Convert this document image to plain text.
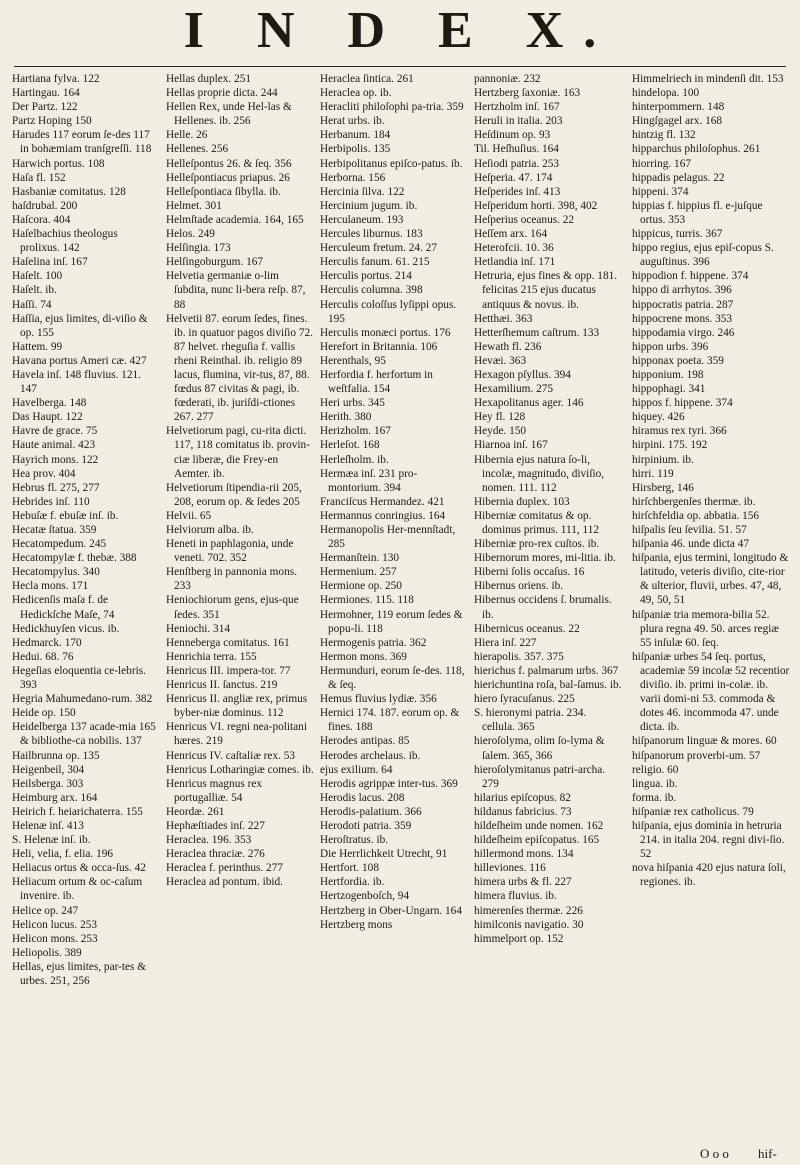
I N D E X.
Hartiana fylva. 122
Hartingau. 164
Der Partz. 122
Partz Hoping 150
Harudes 117 eorum ſe-des 117 in bohæmiam tranſgreſſi. 118
Harwich portus. 108
Haſa fl. 152
Hasbaniæ comitatus. 128
haſdrubal. 200
Haſcora. 404
Haſelbachius theologus prolixus. 142
Haſelina inſ. 167
Haſelt. 100
Haſelt. ib.
Haſſi. 74
Haſſia, ejus limites, di-viſio & op. 155
Hattem. 99
Havana portus Ameri cæ. 427
Havela inſ. 148 fluvius. 121. 147
Havelberga. 148
Das Haupt. 122
Havre de grace. 75
Haute animal. 423
Hayrich mons. 122
Hea prov. 404
Hebrus fl. 275, 277
Hebrides inſ. 110
Hebuſæ f. ebuſæ inſ. ib.
Hecatæ ſtatua. 359
Hecatompedum. 245
Hecatompylæ f. thebæ. 388
Hecatompylus. 340
Hecla mons. 171
Hedicenſis maſa f. de Hedickſche Maſe, 74
Hedickhuyſen vicus. ib.
Hedmarck. 170
Hedui. 68. 76
Hegeſias eloquentia ce-lebris. 393
Hegria Mahumedano-rum. 382
Heide op. 150
Heidelberga 137 acade-mia 165 & bibliothe-ca nobilis. 137
Hailbrunna op. 135
Heigenbeil, 304
Heilsberga. 303
Heimburg arx. 164
Heirich f. heiarichaterra. 155
Helenæ inſ. 413
S. Helenæ inſ. ib.
Heli, velia, f. elia. 196
Heliacus ortus & occa-ſus. 42
Heliacum ortum & oc-caſum invenire. ib.
Helice op. 247
Helicon lucus. 253
Helicon mons. 253
Heliopolis. 389
Hellas, ejus limites, par-tes & urbes. 251, 256
Hellas duplex. 251
Hellas proprie dicta. 244
Hellen Rex, unde Hel-las & Hellenes. ib. 256
Helle. 26
Hellenes. 256
Helleſpontus 26. & ſeq. 356
Helleſpontiacus priapus. 26
Helleſpontiaca ſibylla. ib.
Helmet. 301
Helmſtade academia. 164, 165
Helos. 249
Helſingia. 173
Helſingoburgum. 167
Helvetia germaniæ o-lim ſubdita, nunc li-bera reſp. 87, 88
Helvetii 87. eorum ſedes, fines. ib. in quatuor pagos diviſio 72. 87 helvet. rheguſia f. vallis rheni Reinthal. ib. religio 89 lacus, flumina, vir-tus, 87, 88. fœdus 87 civitas & pagi, ib. fœderati, ib. juriſdi-ctiones 267. 277
Helvetiorum pagi, cu-rita dicti. 117, 118 comitatus ib. provin-ciæ liberæ, die Frey-en Aemter. ib.
Helvetiorum ſtipendia-rii 205, 208, eorum op. & ſedes 205
Helvii. 65
Helviorum alba. ib.
Heneti in paphlagonia, unde veneti. 702. 352
Henſtberg in pannonia mons. 233
Heniochiorum gens, ejus-que ſedes. 351
Heniochi. 314
Henneberga comitatus. 161
Henrichia terra. 155
Henricus III. impera-tor. 77
Henricus II. ſanctus. 219
Henricus II. angliæ rex, primus byber-niæ dominus. 112
Henricus VI. regni nea-politani hæres. 219
Henricus IV. caſtaliæ rex. 53
Henricus Lotharingiæ comes. ib.
Henricus magnus rex portugalliæ. 54
Heordæ. 261
Hephæſtiades inſ. 227
Heraclea. 196. 353
Heraclea thraciæ. 276
Heraclea f. perinthus. 277
Heraclea ad pontum. ibid.
Heraclea ſintica. 261
Heraclea op. ib.
Heracliti philoſophi pa-tria. 359
Herat urbs. ib.
Herbanum. 184
Herbipolis. 135
Herbipolitanus epiſco-patus. ib.
Herborna. 156
Hercinia ſilva. 122
Hercinium jugum. ib.
Herculaneum. 193
Hercules liburnus. 183
Herculeum fretum. 24. 27
Herculis fanum. 61. 215
Herculis portus. 214
Herculis columna. 398
Herculis coloſſus lyſippi opus. 195
Herculis monæci portus. 176
Herefort in Britannia. 106
Herenthals, 95
Herfordia f. herfortum in weſtfalia. 154
Heri urbs. 345
Herith. 380
Herizholm. 167
Herleſot. 168
Herleſholm. ib.
Hermæa inſ. 231 pro-montorium. 394
Franciſcus Hermandez. 421
Hermannus conringius. 164
Hermanopolis Her-mennſtadt, 285
Hermanſtein. 130
Hermenium. 257
Hermione op. 250
Hermiones. 115. 118
Hermohner, 119 eorum ſedes & popu-li. 118
Hermogenis patria. 362
Hermon mons. 369
Hermunduri, eorum ſe-des. 118, & ſeq.
Hemus fluvius lydiæ. 356
Hernici 174. 187. eorum op. & fines. 188
Herodes antipas. 85
Herodes archelaus. ib.
ejus exilium. 64
Herodis agrippæ inter-tus. 369
Herodis lacus. 208
Herodis-palatium. 366
Herodoti patria. 359
Heroſtratus. ib.
Die Herrlichkeit Utrecht, 91
Hertfort. 108
Hertfordia. ib.
Hertzogenboſch, 94
Hertzberg in Ober-Ungarn. 164
Hertzberg mons
pannoniæ. 232
Hertzberg ſaxoniæ. 163
Hertzholm inſ. 167
Heruli in italia. 203
Heſdinum op. 93
Til. Heſhuſius. 164
Heſiodi patria. 253
Heſperia. 47. 174
Heſperides inſ. 413
Heſperidum horti. 398, 402
Heſperius oceanus. 22
Heſſem arx. 164
Heterofcii. 10. 36
Hetlandia inſ. 171
Hetruria, ejus fines & opp. 181. felicitas 215 ejus ducatus antiquus & novus. ib.
Hetthæi. 363
Hetterſhemum caſtrum. 133
Hewath fl. 236
Hevæi. 363
Hexagon pſyllus. 394
Hexamilium. 275
Hexapolitanus ager. 146
Hey fl. 128
Heyde. 150
Hiarnoa inſ. 167
Hibernia ejus natura ſo-li, incolæ, magnitudo, diviſio, nomen. 111. 112
Hibernia duplex. 103
Hiberniæ comitatus & op. dominus primus. 111, 112
Hiberniæ pro-rex cuſtos. ib.
Hibernorum mores, mi-litia. ib.
Hiberni ſolis occaſus. 16
Hibernus oriens. ib.
Hibernus occidens ſ. brumalis. ib.
Hibernicus oceanus. 22
Hiera inſ. 227
hierapolis. 357. 375
hierichus f. palmarum urbs. 367
hierichuntina roſa, bal-ſamus. ib.
hiero ſyracuſanus. 225
S. hieronymi patria. 234. cellula. 365
hieroſolyma, olim ſo-lyma & ſalem. 365, 366
hieroſolymitanus patri-archa. 279
hilarius epiſcopus. 82
hildanus fabricius. 73
hildeſheim unde nomen. 162
hildeſheim epiſcopatus. 165
hillermond mons. 134
hilleviones. 116
himera urbs & fl. 227
himera fluvius. ib.
himerenſes thermæ. 226
himilconis navigatio. 30
himmelport op. 152
Himmelriech in mindenſi dit. 153
hindelopa. 100
hinterpommern. 148
Hingſgagel arx. 168
hintzig fl. 132
hipparchus philoſophus. 261
hiorring. 167
hippadis pelagus. 22
hippeni. 374
hippias f. hippius fl. e-juſque ortus. 353
hippicus, turris. 367
hippo regius, ejus epiſ-copus S. auguſtinus. 396
hippodion f. hippene. 374
hippo di arrhytos. 396
hippocratis patria. 287
hippocrene mons. 353
hippodamia virgo. 246
hippon urbs. 396
hipponax poeta. 359
hipponium. 198
hippophagi. 341
hippos f. hippene. 374
hiquey. 426
hiramus rex tyri. 366
hirpini. 175. 192
hirpinium. ib.
hirri. 119
Hirsberg, 146
hirſchbergenſes thermæ. ib.
hirſchfeldia op. abbatia. 156
hiſpalis ſeu ſevilia. 51. 57
hiſpania 46. unde dicta 47
hiſpania, ejus termini, longitudo & latitudo, veteris diviſio, cite-rior & ulterior, fluvii, urbes. 47, 48, 49, 50, 51
hiſpaniæ tria memora-bilia 52. plura regna 49. 50. arces regiæ 55 inſulæ 60. ſeq.
hiſpaniæ urbes 54 ſeq. portus, academiæ 59 incolæ 52 recentior diviſio. ib. primi in-colæ. ib. varii domi-ni 53. commoda & dotes 46. incommoda 47. unde dicta. ib.
hiſpanorum linguæ & mores. 60
hiſpanorum proverbi-um. 57
religio. 60
lingua. ib.
forma. ib.
hiſpaniæ rex catholicus. 79
hiſpania, ejus dominia in hetruria 214. in italia 204. regni divi-ſio. 52
nova hiſpania 420 ejus natura ſoli, regiones. ib.
O o o hif-
